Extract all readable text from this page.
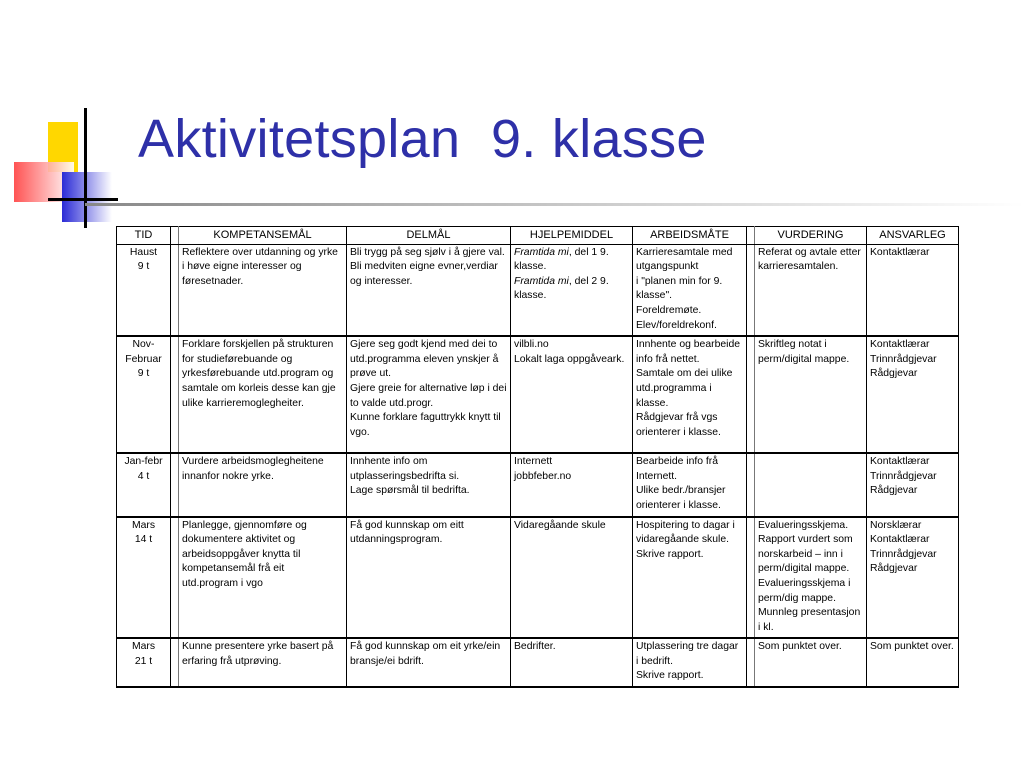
Aktivitetsplan  9. klasse
TID		KOMPETANSEMÅL	DELMÅL	HJELPEMIDDEL	ARBEIDSMÅTE		VURDERING	ANSVARLEG

Haust
9 t		Reflektere over utdanning og yrke i høve eigne interesser og føresetnader.	Bli trygg på seg sjølv i å gjere val.
Bli medviten eigne evner,verdiar og interesser.	Framtida mi, del 1 9. klasse.
Framtida mi, del 2 9. klasse.	Karrieresamtale med utgangspunkt
i "planen min for 9. klasse".
Foreldremøte.
Elev/foreldrekonf.		Referat og avtale etter karrieresamtalen.	Kontaktlærar

Nov-
Februar
9 t		Forklare forskjellen på strukturen for studieførebuande og yrkesførebuande utd.program og samtale om korleis desse kan gje ulike karrieremoglegheiter.	Gjere seg godt kjend med dei to utd.programma eleven ynskjer å prøve ut.
Gjere greie for alternative løp i dei to valde utd.progr.
Kunne forklare faguttrykk knytt til vgo.	vilbli.no
Lokalt laga oppgåveark.	Innhente og bearbeide info frå nettet.
Samtale om dei ulike utd.programma i klasse.
Rådgjevar frå vgs orienterer i klasse.		Skriftleg notat i perm/digital mappe.	Kontaktlærar
Trinnrådgjevar
Rådgjevar

Jan-febr
4 t		Vurdere arbeidsmoglegheitene innanfor nokre yrke.	Innhente info om utplasseringsbedrifta si.
Lage spørsmål til bedrifta.	Internett
jobbfeber.no	Bearbeide info frå Internett.
Ulike bedr./bransjer orienterer i klasse.			Kontaktlærar
Trinnrådgjevar
Rådgjevar

Mars
14 t		Planlegge, gjennomføre og dokumentere aktivitet og arbeidsoppgåver knytta til kompetansemål frå eit utd.program i vgo	Få god kunnskap om eitt utdanningsprogram.	Vidaregåande skule	Hospitering to dagar i vidaregåande skule.
Skrive rapport.		Evalueringsskjema.
Rapport vurdert som norskarbeid – inn i perm/digital mappe.
Evalueringsskjema i perm/dig mappe.
Munnleg presentasjon i kl.	Norsklærar
Kontaktlærar
Trinnrådgjevar
Rådgjevar

Mars
21 t		Kunne presentere yrke basert på erfaring frå utprøving.	Få god kunnskap om eit yrke/ein bransje/ei bdrift.	Bedrifter.	Utplassering tre dagar i bedrift.
Skrive rapport.		Som punktet over.	Som punktet over.
